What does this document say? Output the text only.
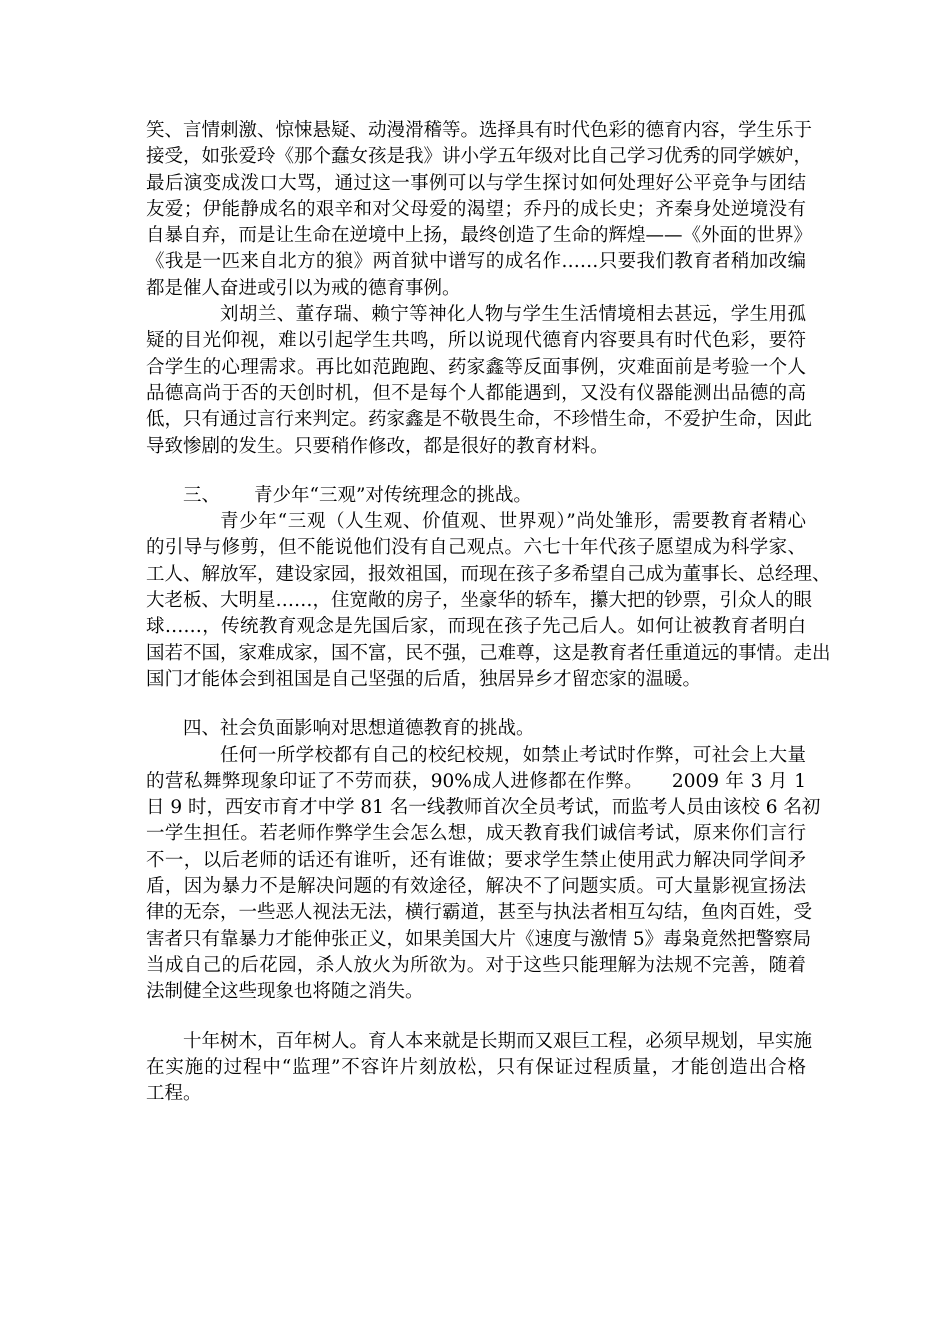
笑、言情刺激、惊悚悬疑、动漫滑稽等。选择具有时代色彩的德育内容，学生乐于
接受，如张爱玲《那个蠢女孩是我》讲小学五年级对比自己学习优秀的同学嫉妒，
最后演变成泼口大骂，通过这一事例可以与学生探讨如何处理好公平竞争与团结
友爱；伊能静成名的艰辛和对父母爱的渴望；乔丹的成长史；齐秦身处逆境没有
自暴自弃，而是让生命在逆境中上扬，最终创造了生命的辉煌——《外面的世界》
《我是一匹来自北方的狼》两首狱中谱写的成名作……只要我们教育者稍加改编
都是催人奋进或引以为戒的德育事例。
刘胡兰、董存瑞、赖宁等神化人物与学生生活情境相去甚远，学生用孤
疑的目光仰视，难以引起学生共鸣，所以说现代德育内容要具有时代色彩，要符
合学生的心理需求。再比如范跑跑、药家鑫等反面事例，灾难面前是考验一个人
品德高尚于否的天创时机，但不是每个人都能遇到，又没有仪器能测出品德的高
低，只有通过言行来判定。药家鑫是不敬畏生命，不珍惜生命，不爱护生命，因此
导致惨剧的发生。只要稍作修改，都是很好的教育材料。
三、 青少年“三观”对传统理念的挑战。
青少年“三观（人生观、价值观、世界观）”尚处雏形，需要教育者精心
的引导与修剪，但不能说他们没有自己观点。六七十年代孩子愿望成为科学家、
工人、解放军，建设家园，报效祖国，而现在孩子多希望自己成为董事长、总经理、
大老板、大明星……，住宽敞的房子，坐豪华的轿车，攥大把的钞票，引众人的眼
球……，传统教育观念是先国后家，而现在孩子先己后人。如何让被教育者明白
国若不国，家难成家，国不富，民不强，己难尊，这是教育者任重道远的事情。走出
国门才能体会到祖国是自己坚强的后盾，独居异乡才留恋家的温暖。
四、社会负面影响对思想道德教育的挑战。
任何一所学校都有自己的校纪校规，如禁止考试时作弊，可社会上大量
的营私舞弊现象印证了不劳而获，90%成人进修都在作弊。　　2009 年 3 月 1
日 9 时，西安市育才中学 81 名一线教师首次全员考试，而监考人员由该校 6 名初
一学生担任。若老师作弊学生会怎么想，成天教育我们诚信考试，原来你们言行
不一，以后老师的话还有谁听，还有谁做；要求学生禁止使用武力解决同学间矛
盾，因为暴力不是解决问题的有效途径，解决不了问题实质。可大量影视宣扬法
律的无奈，一些恶人视法无法，横行霸道，甚至与执法者相互勾结，鱼肉百姓，受
害者只有靠暴力才能伸张正义，如果美国大片《速度与激情 5》毒枭竟然把警察局
当成自己的后花园，杀人放火为所欲为。对于这些只能理解为法规不完善，随着
法制健全这些现象也将随之消失。
十年树木，百年树人。育人本来就是长期而又艰巨工程，必须早规划，早实施
在实施的过程中“监理”不容许片刻放松，只有保证过程质量，才能创造出合格
工程。
